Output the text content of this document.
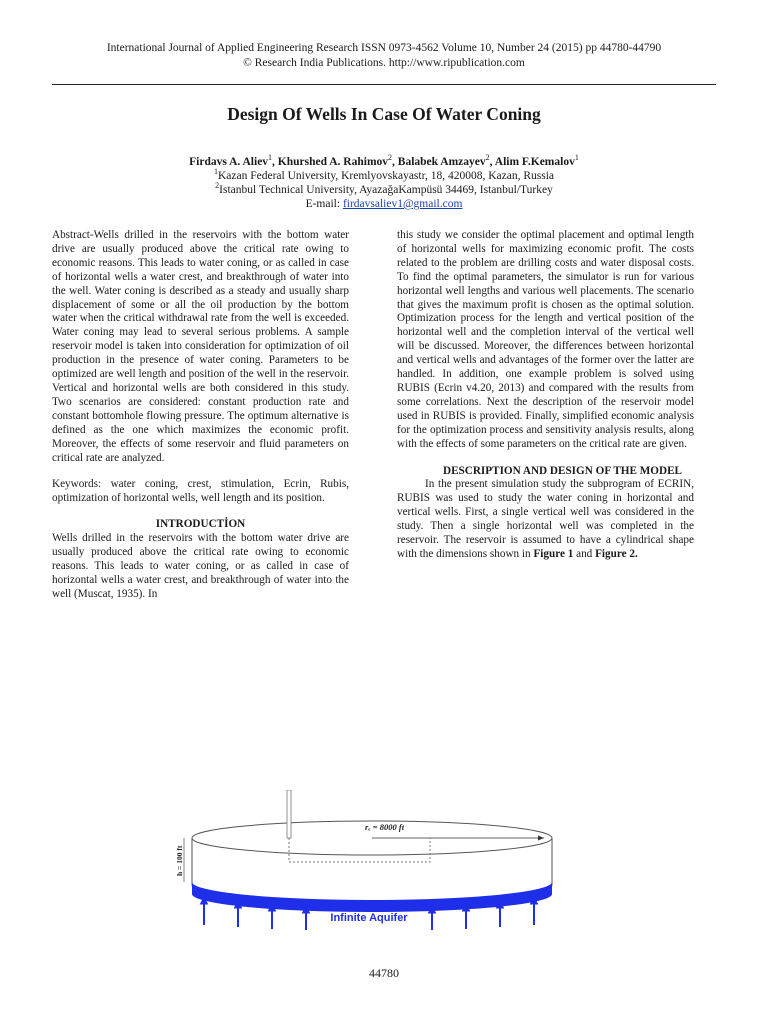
International Journal of Applied Engineering Research ISSN 0973-4562 Volume 10, Number 24 (2015) pp 44780-44790
© Research India Publications. http://www.ripublication.com
Design Of Wells In Case Of Water Coning
Firdavs A. Aliev$^1$, Khurshed A. Rahimov$^2$, Balabek Amzayev$^2$, Alim F.Kemalov$^1$
$^1$Kazan Federal University, Kremlyovskayastr, 18, 420008, Kazan, Russia
$^2$Istanbul Technical University, AyazağaKampüsü 34469, Istanbul/Turkey
E-mail: firdavsaliev1@gmail.com

Abstract-Wells drilled in the reservoirs with the bottom water drive are usually produced above the critical rate owing to economic reasons. This leads to water coning, or as called in case of horizontal wells a water crest, and breakthrough of water into the well. Water coning is described as a steady and usually sharp displacement of some or all the oil production by the bottom water when the critical withdrawal rate from the well is exceeded. Water coning may lead to several serious problems. A sample reservoir model is taken into consideration for optimization of oil production in the presence of water coning. Parameters to be optimized are well length and position of the well in the reservoir. Vertical and horizontal wells are both considered in this study. Two scenarios are considered: constant production rate and constant bottomhole flowing pressure. The optimum alternative is defined as the one which maximizes the economic profit. Moreover, the effects of some reservoir and fluid parameters on critical rate are analyzed.

Keywords: water coning, crest, stimulation, Ecrin, Rubis, optimization of horizontal wells, well length and its position.

INTRODUCTİON

Wells drilled in the reservoirs with the bottom water drive are usually produced above the critical rate owing to economic reasons. This leads to water coning, or as called in case of horizontal wells a water crest, and breakthrough of water into the well (Muscat, 1935). In

this study we consider the optimal placement and optimal length of horizontal wells for maximizing economic profit. The costs related to the problem are drilling costs and water disposal costs. To find the optimal parameters, the simulator is run for various horizontal well lengths and various well placements. The scenario that gives the maximum profit is chosen as the optimal solution. Optimization process for the length and vertical position of the horizontal well and the completion interval of the vertical well will be discussed. Moreover, the differences between horizontal and vertical wells and advantages of the former over the latter are handled. In addition, one example problem is solved using RUBIS (Ecrin v4.20, 2013) and compared with the results from some correlations. Next the description of the reservoir model used in RUBIS is provided. Finally, simplified economic analysis for the optimization process and sensitivity analysis results, along with the effects of some parameters on the critical rate are given.

DESCRIPTION AND DESIGN OF THE MODEL

In the present simulation study the subprogram of ECRIN, RUBIS was used to study the water coning in horizontal and vertical wells. First, a single vertical well was considered in the study. Then a single horizontal well was completed in the reservoir. The reservoir is assumed to have a cylindrical shape with the dimensions shown in Figure 1 and Figure 2.

rₑ = 8000 ft
h = 100 ft
Infinite Aquifer
44780
